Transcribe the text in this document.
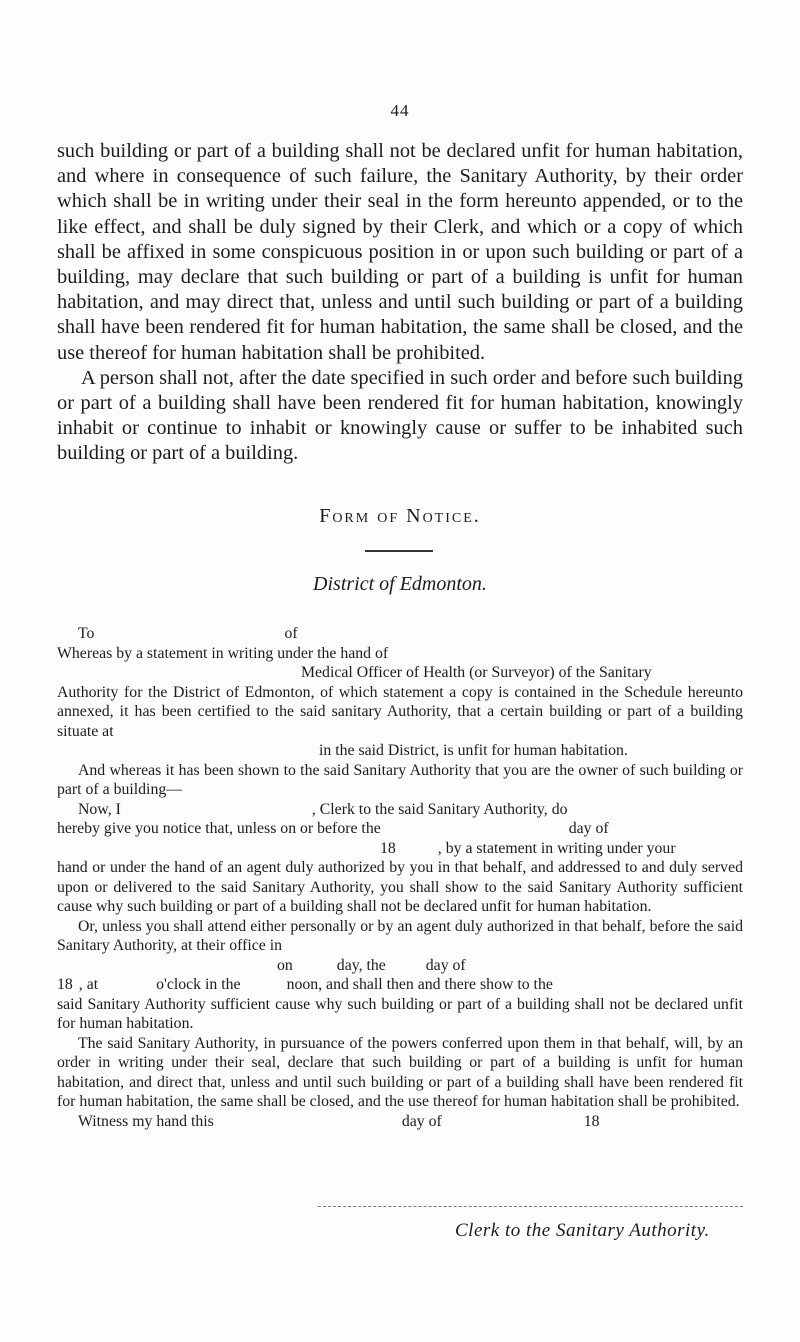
44

such building or part of a building shall not be declared unfit for human habitation, and where in consequence of such failure, the Sanitary Authority, by their order which shall be in writing under their seal in the form hereunto appended, or to the like effect, and shall be duly signed by their Clerk, and which or a copy of which shall be affixed in some conspicuous position in or upon such building or part of a building, may declare that such building or part of a building is unfit for human habitation, and may direct that, unless and until such building or part of a building shall have been rendered fit for human habitation, the same shall be closed, and the use thereof for human habitation shall be prohibited.

A person shall not, after the date specified in such order and before such building or part of a building shall have been rendered fit for human habitation, knowingly inhabit or continue to inhabit or knowingly cause or suffer to be inhabited such building or part of a building.

Form of Notice.
District of Edmonton.

To	of

Whereas by a statement in writing under the hand of

Medical Officer of Health (or Surveyor) of the Sanitary

Authority for the District of Edmonton, of which statement a copy is contained in the Schedule hereunto annexed, it has been certified to the said sanitary Authority, that a certain building or part of a building situate at

in the said District, is unfit for human habitation.

And whereas it has been shown to the said Sanitary Authority that you are the owner of such building or part of a building—

Now, I	, Clerk to the said Sanitary Authority, do

hereby give you notice that, unless on or before the	day of

18	, by a statement in writing under your

hand or under the hand of an agent duly authorized by you in that behalf, and addressed to and duly served upon or delivered to the said Sanitary Authority, you shall show to the said Sanitary Authority sufficient cause why such building or part of a building shall not be declared unfit for human habitation.

Or, unless you shall attend either personally or by an agent duly authorized in that behalf, before the said Sanitary Authority, at their office in

on	day, the	day of

18 , at	o'clock in the	noon, and shall then and there show to the

said Sanitary Authority sufficient cause why such building or part of a building shall not be declared unfit for human habitation.

The said Sanitary Authority, in pursuance of the powers conferred upon them in that behalf, will, by an order in writing under their seal, declare that such building or part of a building is unfit for human habitation, and direct that, unless and until such building or part of a building shall have been rendered fit for human habitation, the same shall be closed, and the use thereof for human habitation shall be prohibited.

Witness my hand this	day of	18

Clerk to the Sanitary Authority.
